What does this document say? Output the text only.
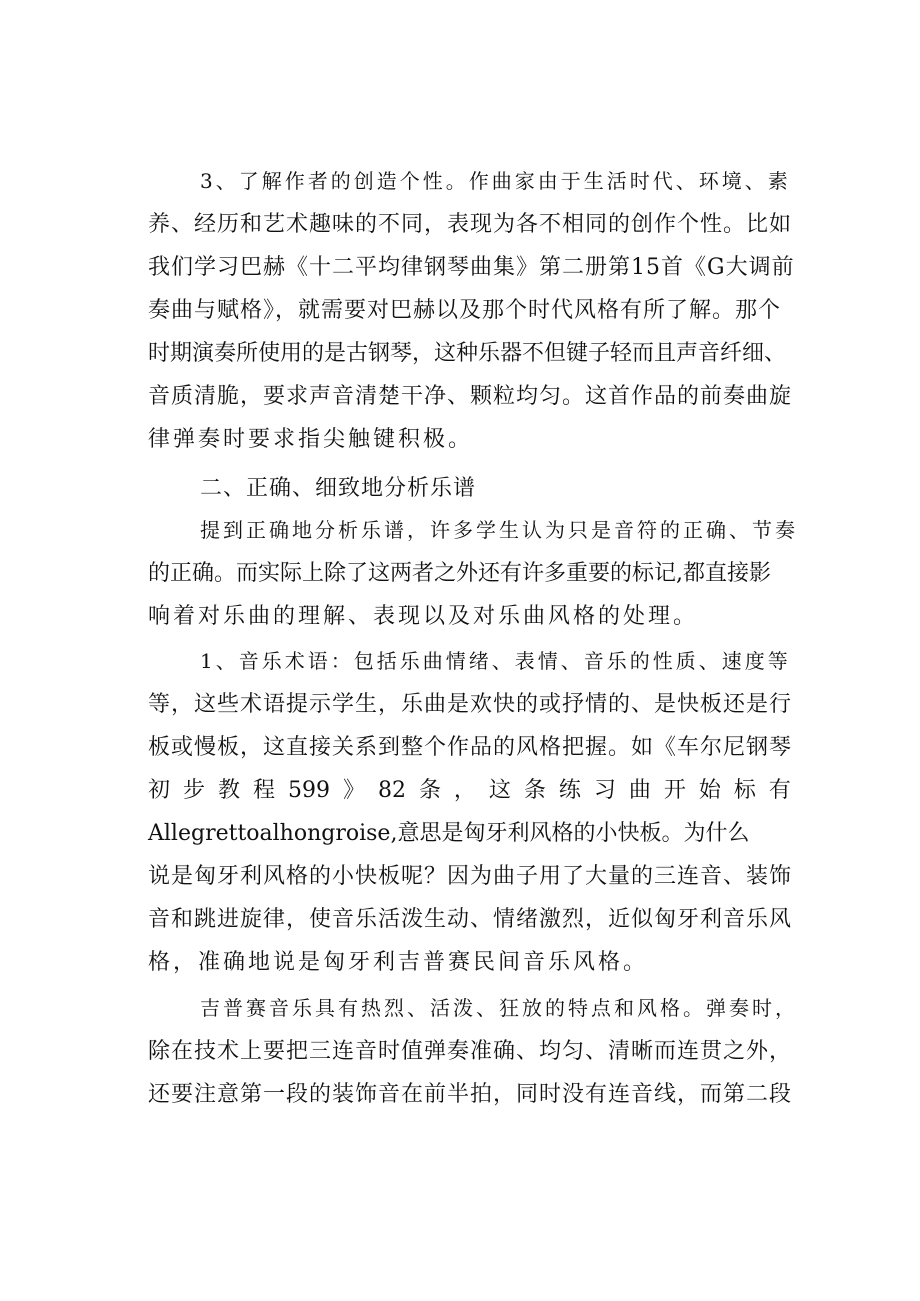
3、了解作者的创造个性。作曲家由于生活时代、环境、素
养、经历和艺术趣味的不同，表现为各不相同的创作个性。比如
我们学习巴赫《十二平均律钢琴曲集》第二册第15首《G大调前
奏曲与赋格》，就需要对巴赫以及那个时代风格有所了解。那个
时期演奏所使用的是古钢琴，这种乐器不但键子轻而且声音纤细、
音质清脆，要求声音清楚干净、颗粒均匀。这首作品的前奏曲旋
律弹奏时要求指尖触键积极。
二、正确、细致地分析乐谱
提到正确地分析乐谱，许多学生认为只是音符的正确、节奏
的正确。而实际上除了这两者之外还有许多重要的标记,都直接影
响着对乐曲的理解、表现以及对乐曲风格的处理。
1、音乐术语：包括乐曲情绪、表情、音乐的性质、速度等
等，这些术语提示学生，乐曲是欢快的或抒情的、是快板还是行
板或慢板，这直接关系到整个作品的风格把握。如《车尔尼钢琴
初 步 教 程 599 》 82 条 ， 这 条 练 习 曲 开 始 标 有
Allegrettoalhongroise,意思是匈牙利风格的小快板。为什么
说是匈牙利风格的小快板呢？因为曲子用了大量的三连音、装饰
音和跳进旋律，使音乐活泼生动、情绪激烈，近似匈牙利音乐风
格，准确地说是匈牙利吉普赛民间音乐风格。
吉普赛音乐具有热烈、活泼、狂放的特点和风格。弹奏时，
除在技术上要把三连音时值弹奏准确、均匀、清晰而连贯之外，
还要注意第一段的装饰音在前半拍，同时没有连音线，而第二段
